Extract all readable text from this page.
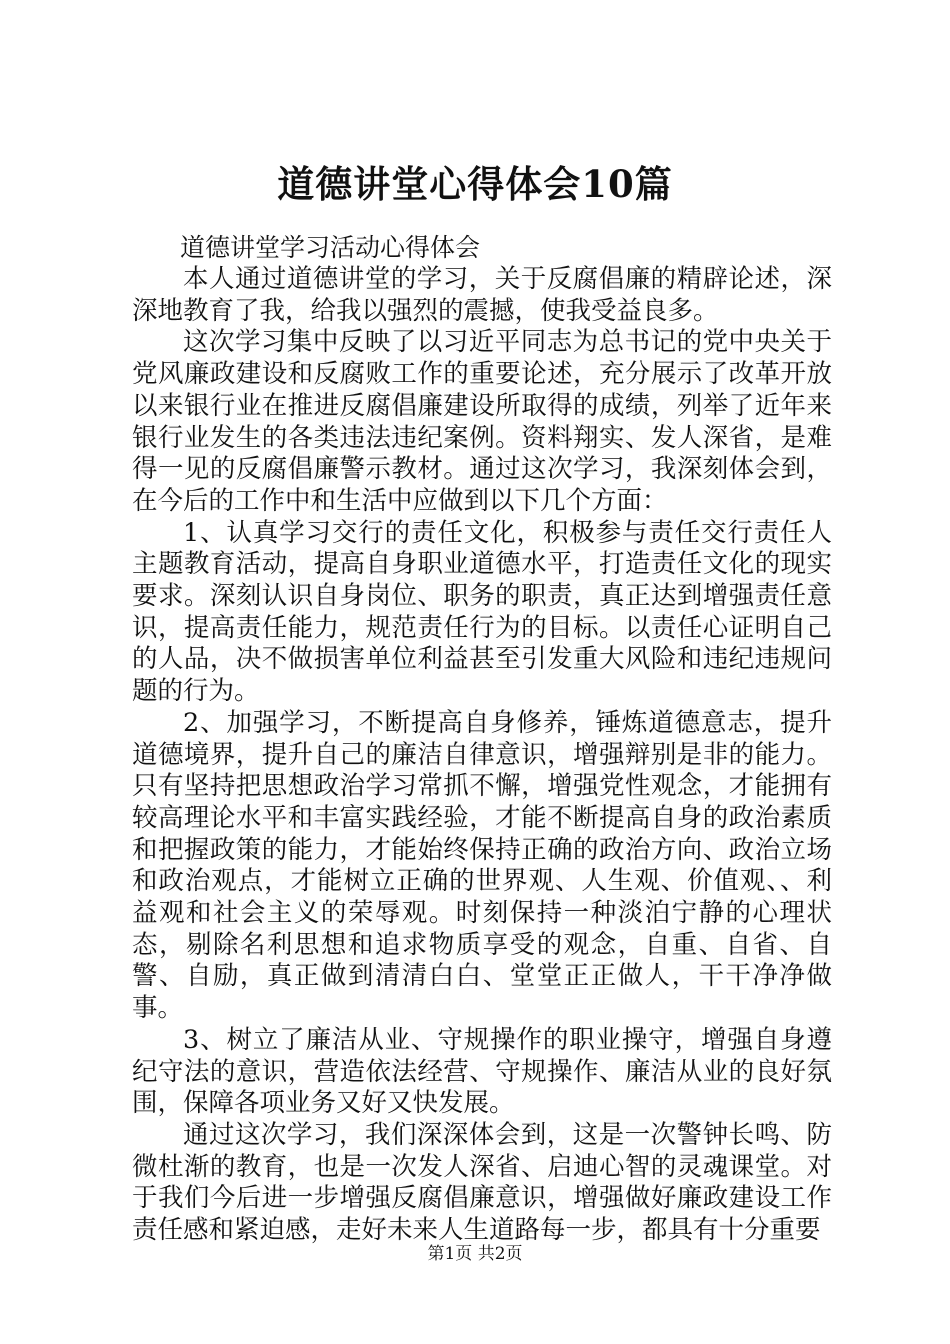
道德讲堂心得体会10篇
道德讲堂学习活动心得体会

本人通过道德讲堂的学习，关于反腐倡廉的精辟论述，深深地教育了我，给我以强烈的震撼，使我受益良多。

这次学习集中反映了以习近平同志为总书记的党中央关于党风廉政建设和反腐败工作的重要论述，充分展示了改革开放以来银行业在推进反腐倡廉建设所取得的成绩，列举了近年来银行业发生的各类违法违纪案例。资料翔实、发人深省，是难得一见的反腐倡廉警示教材。通过这次学习，我深刻体会到，在今后的工作中和生活中应做到以下几个方面：

1、认真学习交行的责任文化，积极参与责任交行责任人主题教育活动，提高自身职业道德水平，打造责任文化的现实要求。深刻认识自身岗位、职务的职责，真正达到增强责任意识，提高责任能力，规范责任行为的目标。以责任心证明自己的人品，决不做损害单位利益甚至引发重大风险和违纪违规问题的行为。

2、加强学习，不断提高自身修养，锤炼道德意志，提升道德境界，提升自己的廉洁自律意识，增强辩别是非的能力。只有坚持把思想政治学习常抓不懈，增强党性观念，才能拥有较高理论水平和丰富实践经验，才能不断提高自身的政治素质和把握政策的能力，才能始终保持正确的政治方向、政治立场和政治观点，才能树立正确的世界观、人生观、价值观、、利益观和社会主义的荣辱观。时刻保持一种淡泊宁静的心理状态，剔除名利思想和追求物质享受的观念，自重、自省、自警、自励，真正做到清清白白、堂堂正正做人，干干净净做事。

3、树立了廉洁从业、守规操作的职业操守，增强自身遵纪守法的意识，营造依法经营、守规操作、廉洁从业的良好氛围，保障各项业务又好又快发展。

通过这次学习，我们深深体会到，这是一次警钟长鸣、防微杜渐的教育，也是一次发人深省、启迪心智的灵魂课堂。对于我们今后进一步增强反腐倡廉意识，增强做好廉政建设工作责任感和紧迫感，走好未来人生道路每一步，都具有十分重要

第1页 共2页
